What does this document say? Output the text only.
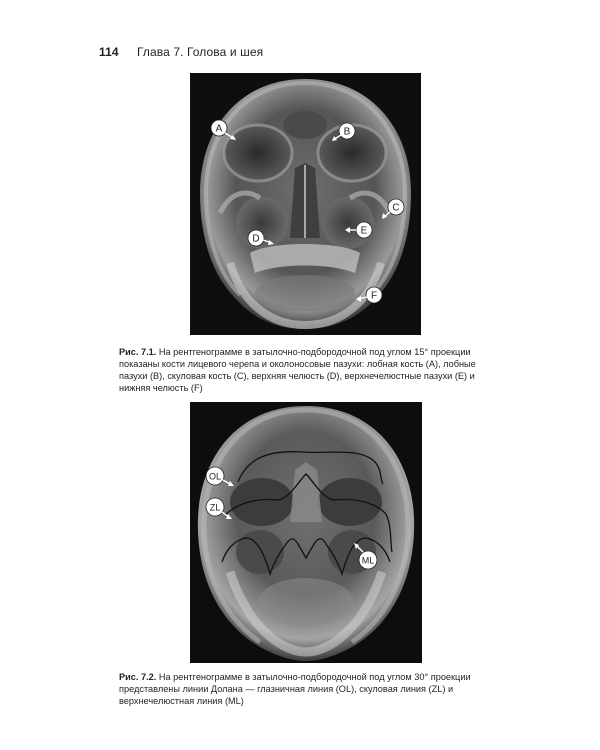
114 Глава 7. Голова и шея
A	B
C
D
E
F
Рис. 7.1. На рентгенограмме в затылочно-подбородочной под углом 15° проекции показаны кости лицевого черепа и околоносовые пазухи: лобная кость (A), лобные пазухи (B), скуловая кость (C), верхняя челюсть (D), верхнечелюстные пазухи (E) и нижняя челюсть (F)
OL
ZL
ML
Рис. 7.2. На рентгенограмме в затылочно-подбородочной под углом 30° проекции представлены линии Долана — глазничная линия (OL), скуловая линия (ZL) и верхнечелюстная линия (ML)
